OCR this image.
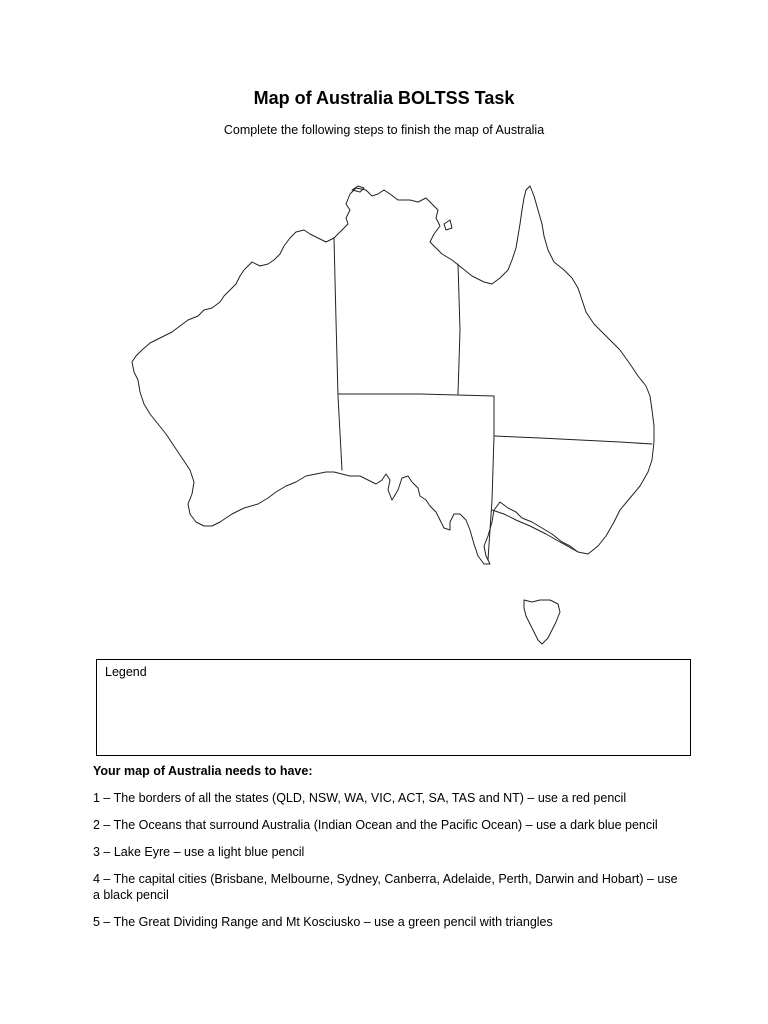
Map of Australia BOLTSS Task

Complete the following steps to finish the map of Australia

Legend

Your map of Australia needs to have:

1 – The borders of all the states (QLD, NSW, WA, VIC, ACT, SA, TAS and NT) – use a red pencil

2 – The Oceans that surround Australia (Indian Ocean and the Pacific Ocean) – use a dark blue pencil

3 – Lake Eyre – use a light blue pencil

4 – The capital cities (Brisbane, Melbourne, Sydney, Canberra, Adelaide, Perth, Darwin and Hobart) – use a black pencil

5 – The Great Dividing Range and Mt Kosciusko – use a green pencil with triangles
